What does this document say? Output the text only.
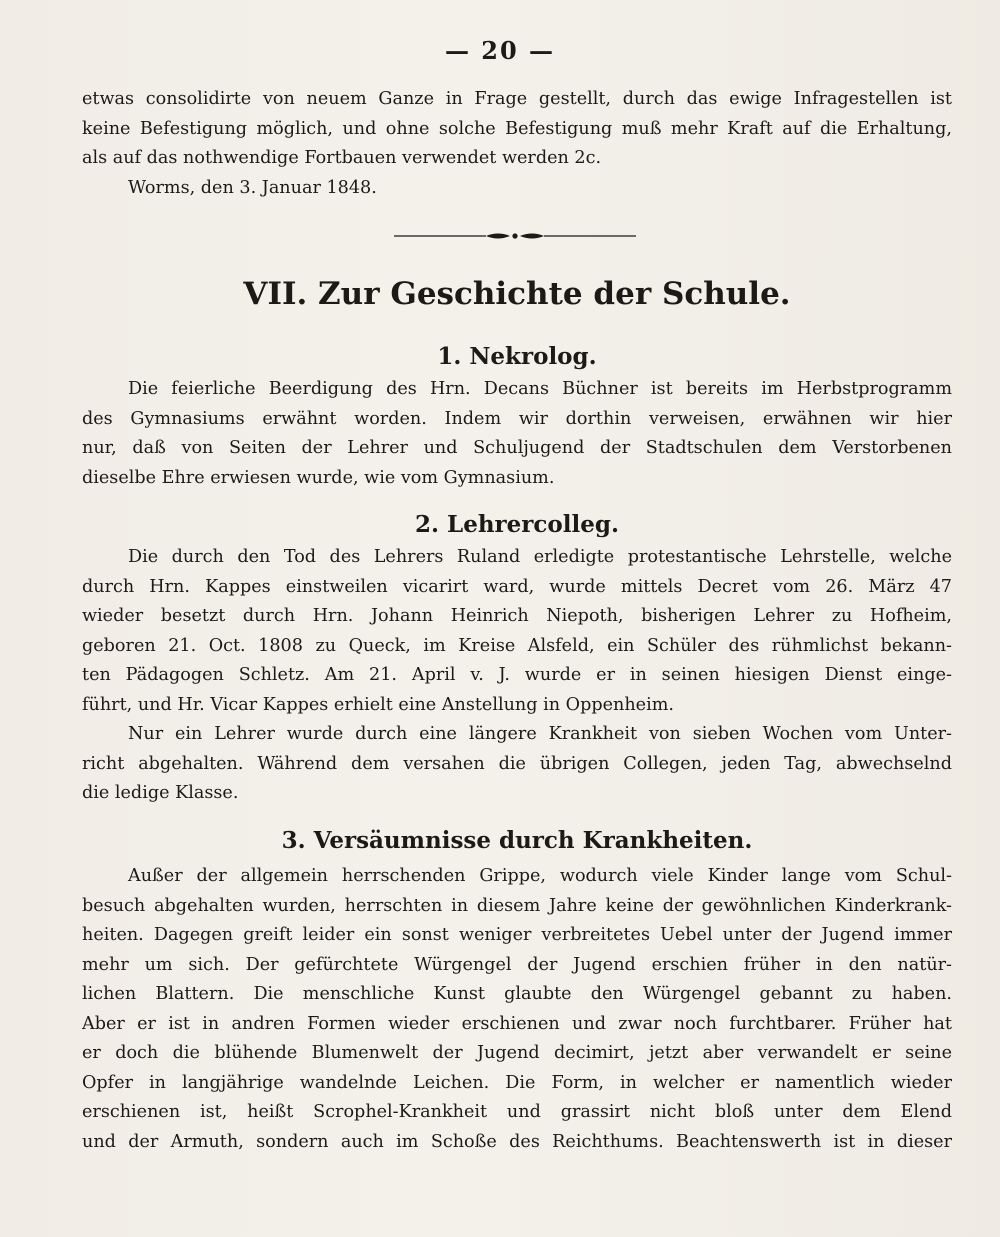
— 20 —
etwas consolidirte von neuem Ganze in Frage gestellt, durch das ewige Infragestellen ist
keine Befestigung möglich, und ohne solche Befestigung muß mehr Kraft auf die Erhaltung,
als auf das nothwendige Fortbauen verwendet werden 2c.
Worms, den 3. Januar 1848.
VII. Zur Geschichte der Schule.
1. Nekrolog.
Die feierliche Beerdigung des Hrn. Decans Büchner ist bereits im Herbstprogramm
des Gymnasiums erwähnt worden. Indem wir dorthin verweisen, erwähnen wir hier
nur, daß von Seiten der Lehrer und Schuljugend der Stadtschulen dem Verstorbenen
dieselbe Ehre erwiesen wurde, wie vom Gymnasium.
2. Lehrercolleg.
Die durch den Tod des Lehrers Ruland erledigte protestantische Lehrstelle, welche
durch Hrn. Kappes einstweilen vicarirt ward, wurde mittels Decret vom 26. März 47
wieder besetzt durch Hrn. Johann Heinrich Niepoth, bisherigen Lehrer zu Hofheim,
geboren 21. Oct. 1808 zu Queck, im Kreise Alsfeld, ein Schüler des rühmlichst bekann-
ten Pädagogen Schletz. Am 21. April v. J. wurde er in seinen hiesigen Dienst einge-
führt, und Hr. Vicar Kappes erhielt eine Anstellung in Oppenheim.
Nur ein Lehrer wurde durch eine längere Krankheit von sieben Wochen vom Unter-
richt abgehalten. Während dem versahen die übrigen Collegen, jeden Tag, abwechselnd
die ledige Klasse.
3. Versäumnisse durch Krankheiten.
Außer der allgemein herrschenden Grippe, wodurch viele Kinder lange vom Schul-
besuch abgehalten wurden, herrschten in diesem Jahre keine der gewöhnlichen Kinderkrank-
heiten. Dagegen greift leider ein sonst weniger verbreitetes Uebel unter der Jugend immer
mehr um sich. Der gefürchtete Würgengel der Jugend erschien früher in den natür-
lichen Blattern. Die menschliche Kunst glaubte den Würgengel gebannt zu haben.
Aber er ist in andren Formen wieder erschienen und zwar noch furchtbarer. Früher hat
er doch die blühende Blumenwelt der Jugend decimirt, jetzt aber verwandelt er seine
Opfer in langjährige wandelnde Leichen. Die Form, in welcher er namentlich wieder
erschienen ist, heißt Scrophel-Krankheit und grassirt nicht bloß unter dem Elend
und der Armuth, sondern auch im Schoße des Reichthums. Beachtenswerth ist in dieser
